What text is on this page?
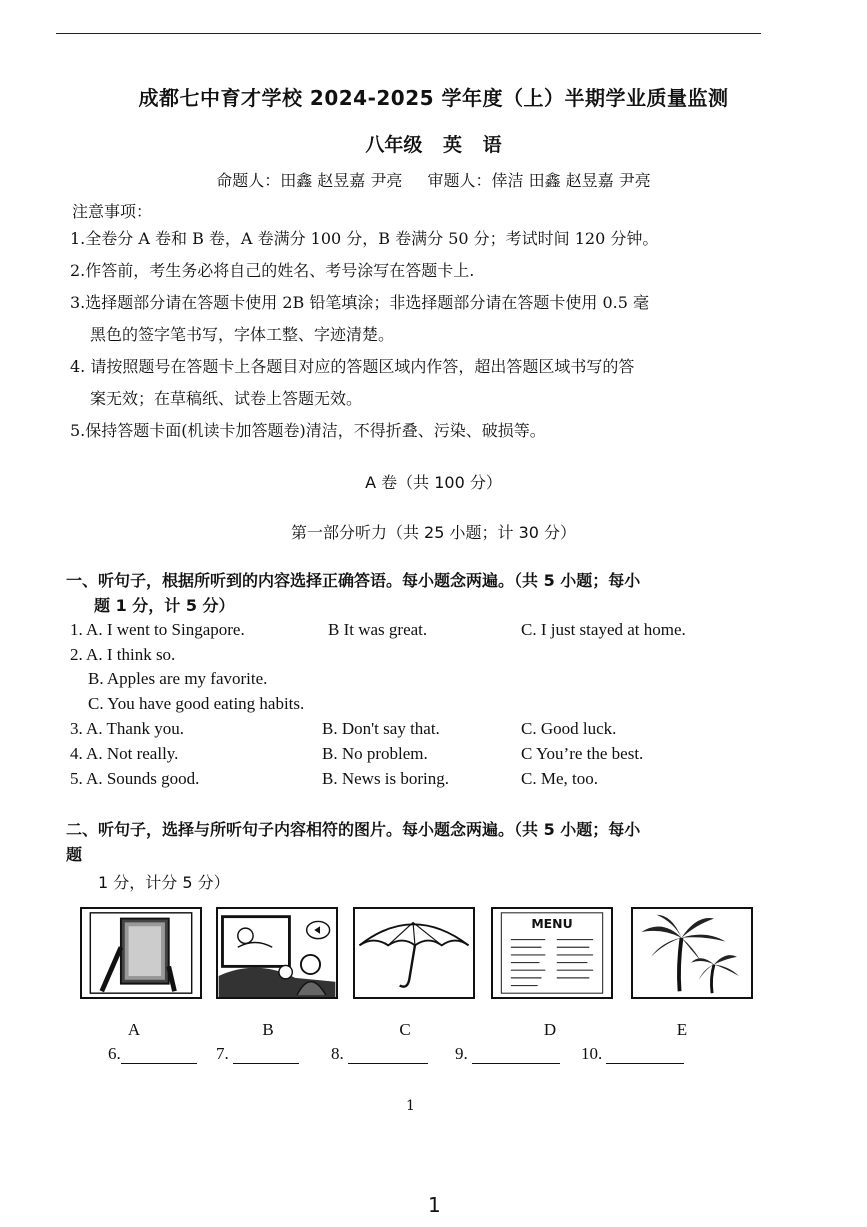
成都七中育才学校 2024-2025 学年度（上）半期学业质量监测
八年级 英 语
命题人：田鑫 赵昱嘉 尹亮 审题人：倖洁 田鑫 赵昱嘉 尹亮
注意事项：
1.全卷分 A 卷和 B 卷，A 卷满分 100 分，B 卷满分 50 分；考试时间 120 分钟。
2.作答前，考生务必将自己的姓名、考号涂写在答题卡上.
3.选择题部分请在答题卡使用 2B 铅笔填涂；非选择题部分请在答题卡使用 0.5 毫
黑色的签字笔书写，字体工整、字迹清楚。
4. 请按照题号在答题卡上各题目对应的答题区域内作答，超出答题区域书写的答
案无效；在草稿纸、试卷上答题无效。
5.保持答题卡面(机读卡加答题卷)清洁，不得折叠、污染、破损等。
A 卷（共 100 分）
第一部分听力（共 25 小题；计 30 分）
一、听句子，根据所听到的内容选择正确答语。每小题念两遍。（共 5 小题；每小
题 1 分，计 5 分）
1. A. I went to Singapore.	B It was great.	C. I just stayed at home.
2. A. I think so.
B. Apples are my favorite.
C. You have good eating habits.
3. A. Thank you.	B. Don't say that.	C. Good luck.
4. A. Not really.	B. No problem.	C You’re the best.
5. A. Sounds good.	B. News is boring.	C. Me, too.
二、听句子，选择与所听句子内容相符的图片。每小题念两遍。（共 5 小题；每小
题
1 分，计分 5 分）
MENU
A	B	C	D	E
6.	7.	8.	9.	10.
1
1
